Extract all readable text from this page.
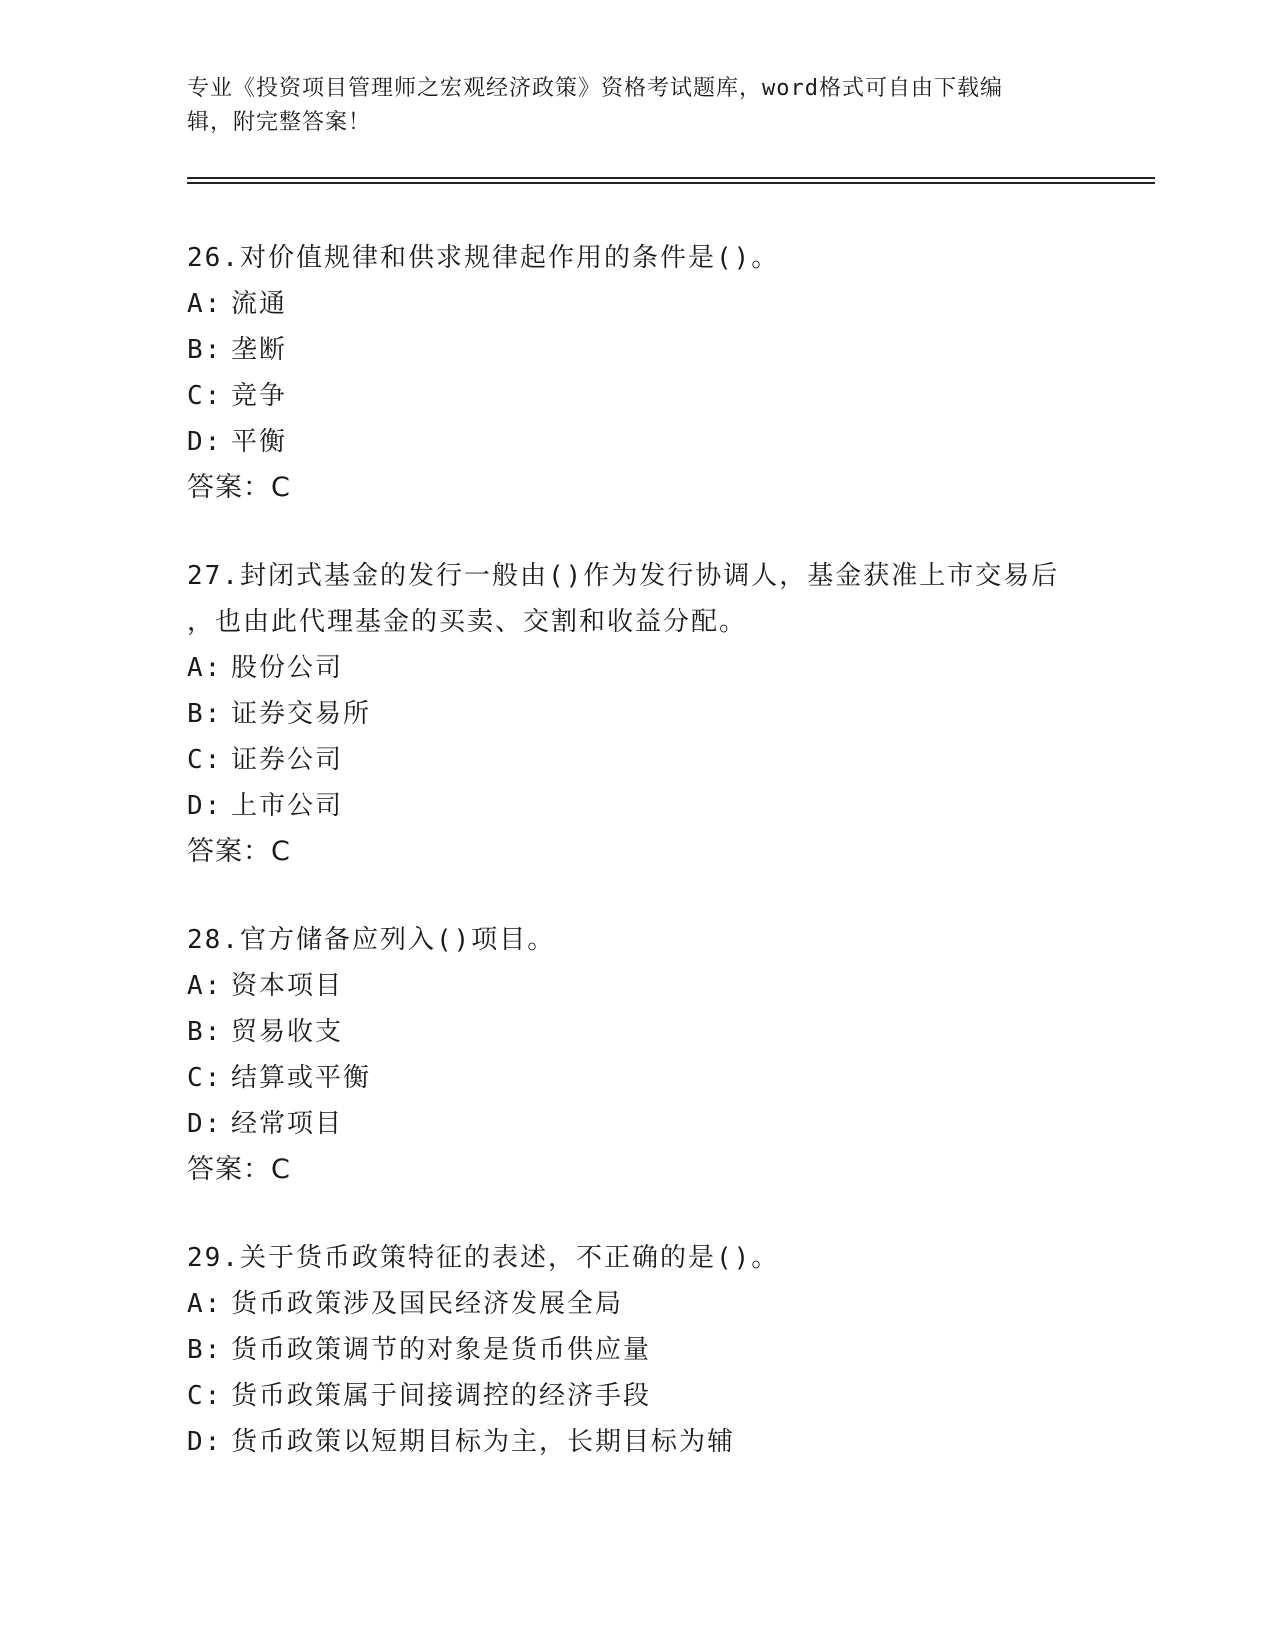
专业《投资项目管理师之宏观经济政策》资格考试题库，word格式可自由下载编
辑，附完整答案！
26.对价值规律和供求规律起作用的条件是()。
A: 流通
B: 垄断
C: 竞争
D: 平衡
答案：C
27.封闭式基金的发行一般由()作为发行协调人，基金获准上市交易后
，也由此代理基金的买卖、交割和收益分配。
A: 股份公司
B: 证券交易所
C: 证券公司
D: 上市公司
答案：C
28.官方储备应列入()项目。
A: 资本项目
B: 贸易收支
C: 结算或平衡
D: 经常项目
答案：C
29.关于货币政策特征的表述，不正确的是()。
A: 货币政策涉及国民经济发展全局
B: 货币政策调节的对象是货币供应量
C: 货币政策属于间接调控的经济手段
D: 货币政策以短期目标为主，长期目标为辅
